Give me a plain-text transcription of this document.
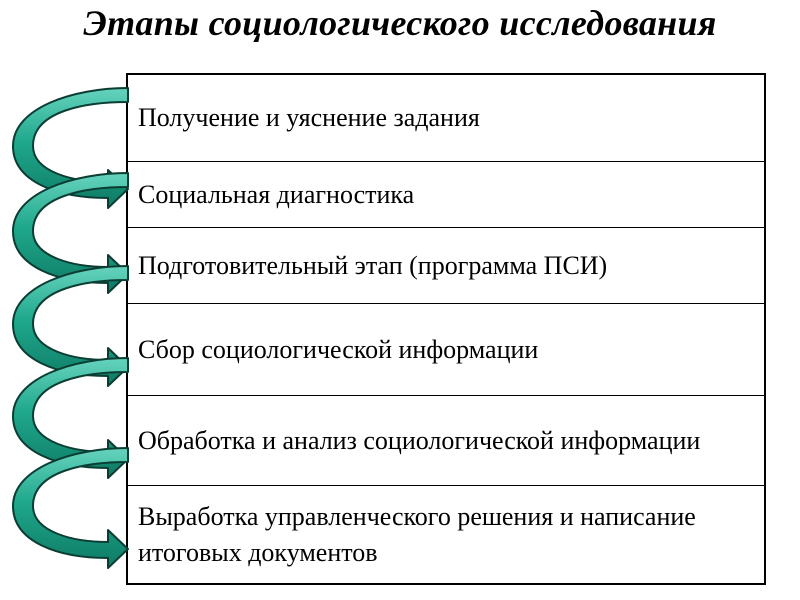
Этапы социологического исследования
Получение и уяснение задания
Социальная диагностика
Подготовительный этап (программа ПСИ)
Сбор социологической информации
Обработка и анализ социологической информации
Выработка управленческого решения и написание итоговых документов
